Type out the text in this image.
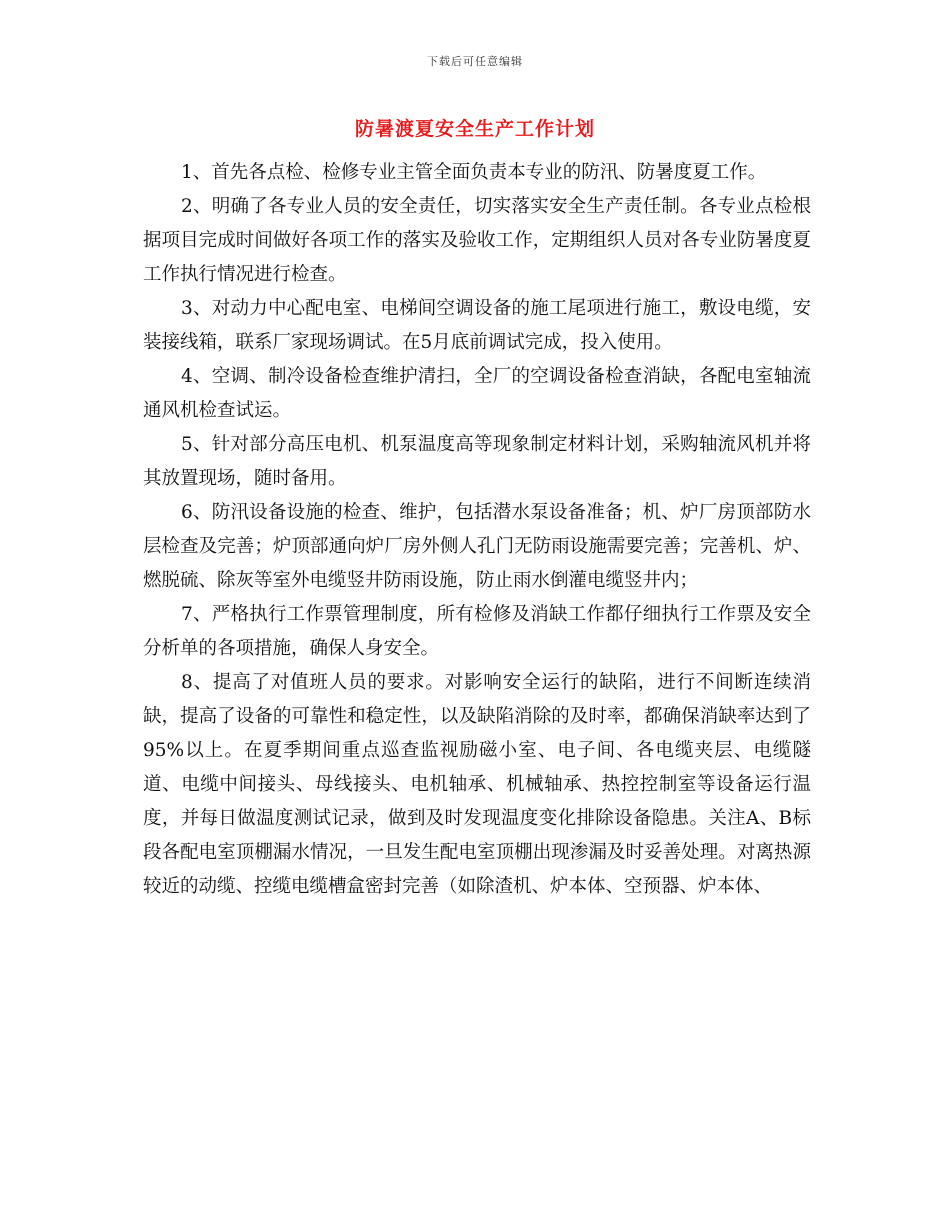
下载后可任意编辑
防暑渡夏安全生产工作计划

1、首先各点检、检修专业主管全面负责本专业的防汛、防暑度夏工作。

2、明确了各专业人员的安全责任，切实落实安全生产责任制。各专业点检根据项目完成时间做好各项工作的落实及验收工作，定期组织人员对各专业防暑度夏工作执行情况进行检查。

3、对动力中心配电室、电梯间空调设备的施工尾项进行施工，敷设电缆，安装接线箱，联系厂家现场调试。在5月底前调试完成，投入使用。

4、空调、制冷设备检查维护清扫，全厂的空调设备检查消缺，各配电室轴流通风机检查试运。

5、针对部分高压电机、机泵温度高等现象制定材料计划，采购轴流风机并将其放置现场，随时备用。

6、防汛设备设施的检查、维护，包括潜水泵设备准备；机、炉厂房顶部防水层检查及完善；炉顶部通向炉厂房外侧人孔门无防雨设施需要完善；完善机、炉、燃脱硫、除灰等室外电缆竖井防雨设施，防止雨水倒灌电缆竖井内；

7、严格执行工作票管理制度，所有检修及消缺工作都仔细执行工作票及安全分析单的各项措施，确保人身安全。

8、提高了对值班人员的要求。对影响安全运行的缺陷，进行不间断连续消缺，提高了设备的可靠性和稳定性，以及缺陷消除的及时率，都确保消缺率达到了95%以上。在夏季期间重点巡查监视励磁小室、电子间、各电缆夹层、电缆隧道、电缆中间接头、母线接头、电机轴承、机械轴承、热控控制室等设备运行温度，并每日做温度测试记录，做到及时发现温度变化排除设备隐患。关注A、B标段各配电室顶棚漏水情况，一旦发生配电室顶棚出现渗漏及时妥善处理。对离热源较近的动缆、控缆电缆槽盒密封完善（如除渣机、炉本体、空预器、炉本体、
